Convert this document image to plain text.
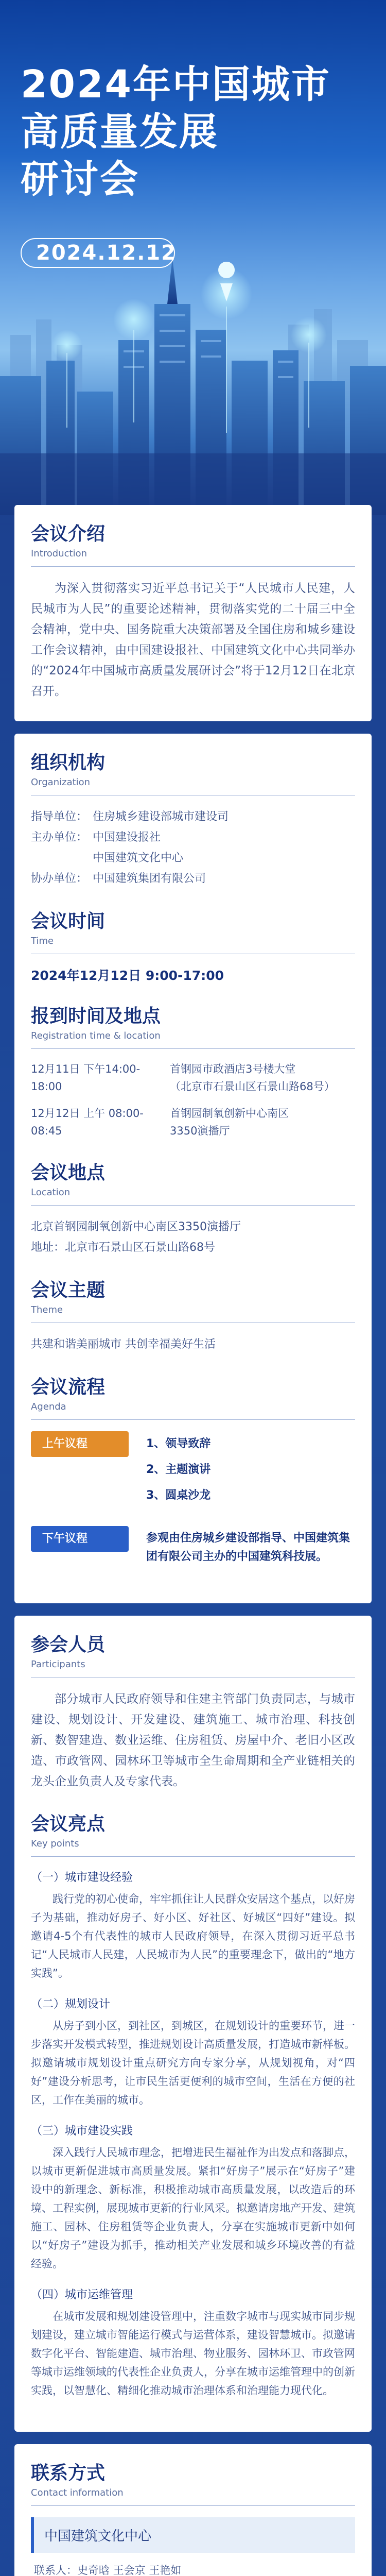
2024年中国城市
高质量发展
研讨会
2024.12.12
会议介绍
Introduction
为深入贯彻落实习近平总书记关于“人民城市人民建，人民城市为人民”的重要论述精神，贯彻落实党的二十届三中全会精神，党中央、国务院重大决策部署及全国住房和城乡建设工作会议精神，由中国建设报社、中国建筑文化中心共同举办的“2024年中国城市高质量发展研讨会”将于12月12日在北京召开。
组织机构
Organization
指导单位： 住房城乡建设部城市建设司
主办单位： 中国建设报社
中国建筑文化中心
协办单位： 中国建筑集团有限公司
会议时间
Time
2024年12月12日 9:00-17:00
报到时间及地点
Registration time & location
12月11日 下午14:00-18:00
首钢园市政酒店3号楼大堂
（北京市石景山区石景山路68号）
12月12日 上午 08:00-08:45
首钢园制氧创新中心南区
3350演播厅
会议地点
Location
北京首钢园制氧创新中心南区3350演播厅
地址：北京市石景山区石景山路68号
会议主题
Theme
共建和谐美丽城市 共创幸福美好生活
会议流程
Agenda
上午议程	1、领导致辞
2、主题演讲
3、圆桌沙龙
下午议程	参观由住房城乡建设部指导、中国建筑集团有限公司主办的中国建筑科技展。
参会人员
Participants
部分城市人民政府领导和住建主管部门负责同志，与城市建设、规划设计、开发建设、建筑施工、城市治理、科技创新、数智建造、数业运维、住房租赁、房屋中介、老旧小区改造、市政管网、园林环卫等城市全生命周期和全产业链相关的龙头企业负责人及专家代表。
会议亮点
Key points
（一）城市建设经验
践行党的初心使命，牢牢抓住让人民群众安居这个基点，以好房子为基础，推动好房子、好小区、好社区、好城区“四好”建设。拟邀请4-5个有代表性的城市人民政府领导，在深入贯彻习近平总书记“人民城市人民建，人民城市为人民”的重要理念下，做出的“地方实践”。
（二）规划设计
从房子到小区，到社区，到城区，在规划设计的重要环节，进一步落实开发模式转型，推进规划设计高质量发展，打造城市新样板。拟邀请城市规划设计重点研究方向专家分享，从规划视角，对“四好”建设分析思考，让市民生活更便利的城市空间，生活在方便的社区，工作在美丽的城市。
（三）城市建设实践
深入践行人民城市理念，把增进民生福祉作为出发点和落脚点，以城市更新促进城市高质量发展。紧扣“好房子”展示在“好房子”建设中的新理念、新标准，积极推动城市高质量发展，以改造后的环境、工程实例，展现城市更新的行业风采。拟邀请房地产开发、建筑施工、园林、住房租赁等企业负责人，分享在实施城市更新中如何以“好房子”建设为抓手，推动相关产业发展和城乡环境改善的有益经验。
（四）城市运维管理
在城市发展和规划建设管理中，注重数字城市与现实城市同步规划建设，建立城市智能运行模式与运营体系，建设智慧城市。拟邀请数字化平台、智能建造、城市治理、物业服务、园林环卫、市政管网等城市运维领域的代表性企业负责人，分享在城市运维管理中的创新实践，以智慧化、精细化推动城市治理体系和治理能力现代化。
联系方式
Contact information
中国建筑文化中心
联系人：史奇晗 王会京 王艳如
